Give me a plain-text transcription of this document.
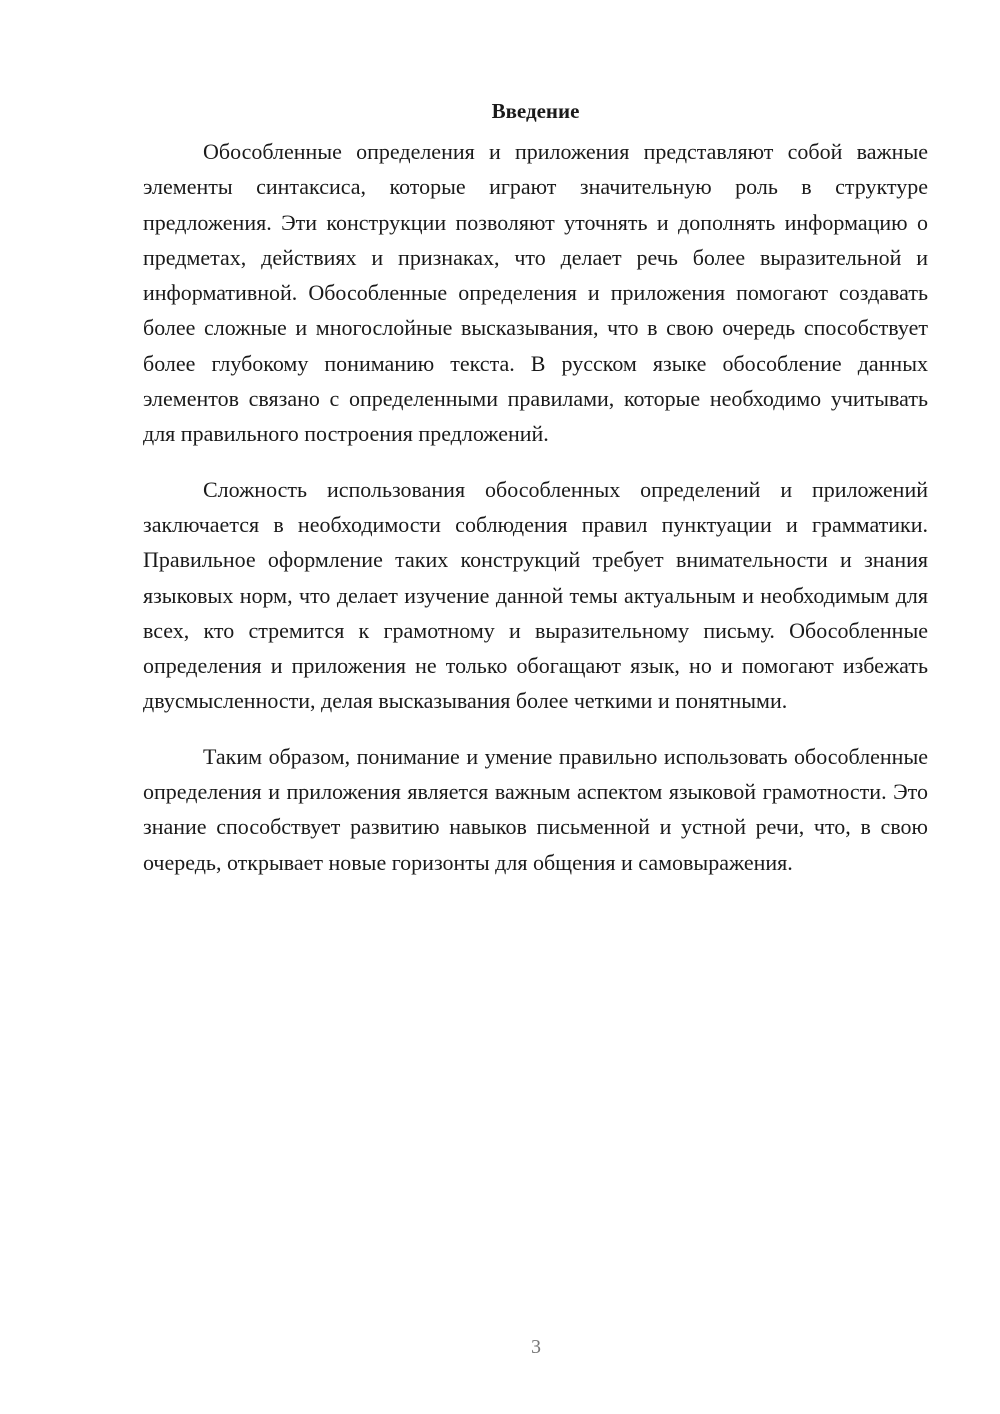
Введение

Обособленные определения и приложения представляют собой важные элементы синтаксиса, которые играют значительную роль в структуре предложения. Эти конструкции позволяют уточнять и дополнять информацию о предметах, действиях и признаках, что делает речь более выразительной и информативной. Обособленные определения и приложения помогают создавать более сложные и многослойные высказывания, что в свою очередь способствует более глубокому пониманию текста. В русском языке обособление данных элементов связано с определенными правилами, которые необходимо учитывать для правильного построения предложений.

Сложность использования обособленных определений и приложений заключается в необходимости соблюдения правил пунктуации и грамматики. Правильное оформление таких конструкций требует внимательности и знания языковых норм, что делает изучение данной темы актуальным и необходимым для всех, кто стремится к грамотному и выразительному письму. Обособленные определения и приложения не только обогащают язык, но и помогают избежать двусмысленности, делая высказывания более четкими и понятными.

Таким образом, понимание и умение правильно использовать обособленные определения и приложения является важным аспектом языковой грамотности. Это знание способствует развитию навыков письменной и устной речи, что, в свою очередь, открывает новые горизонты для общения и самовыражения.

3
